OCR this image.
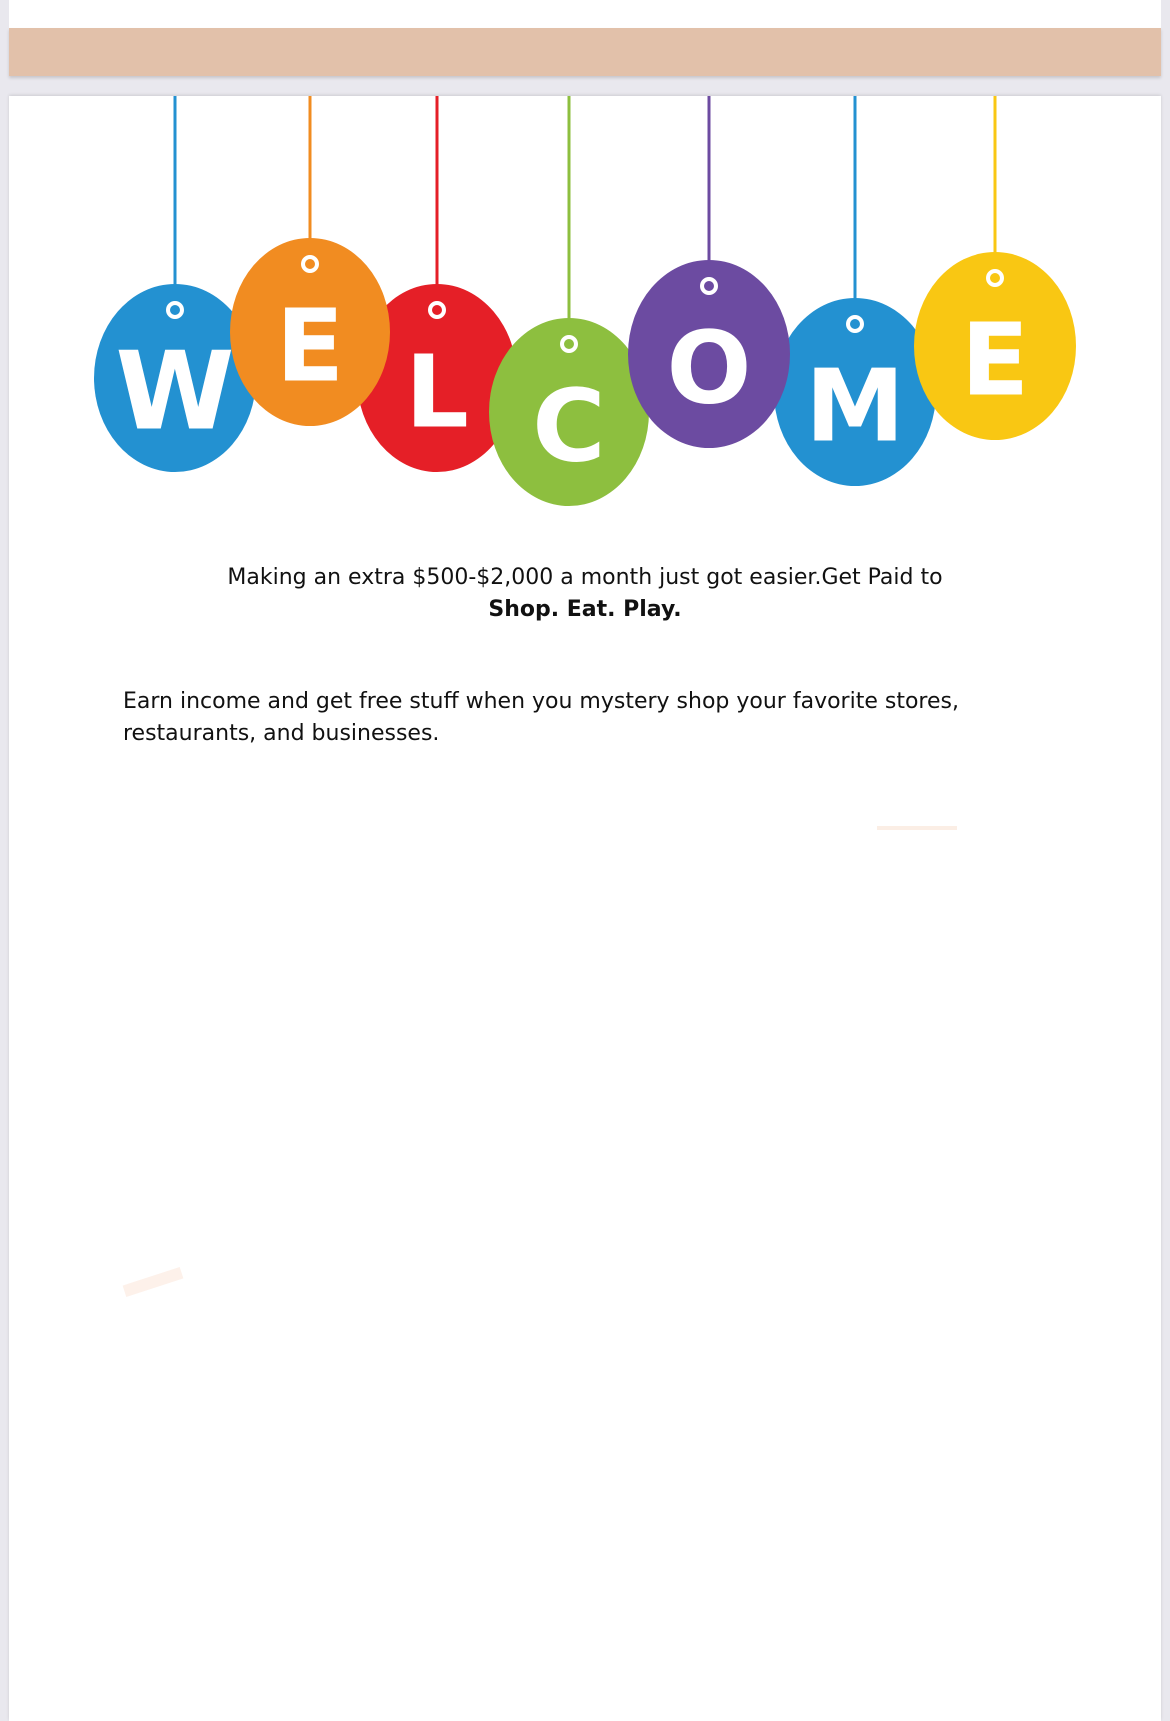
W L
E
C M
O E
Making an extra $500-$2,000 a month just got easier.Get Paid to
Shop. Eat. Play.
Earn income and get free stuff when you mystery shop your favorite stores, restaurants, and businesses.
